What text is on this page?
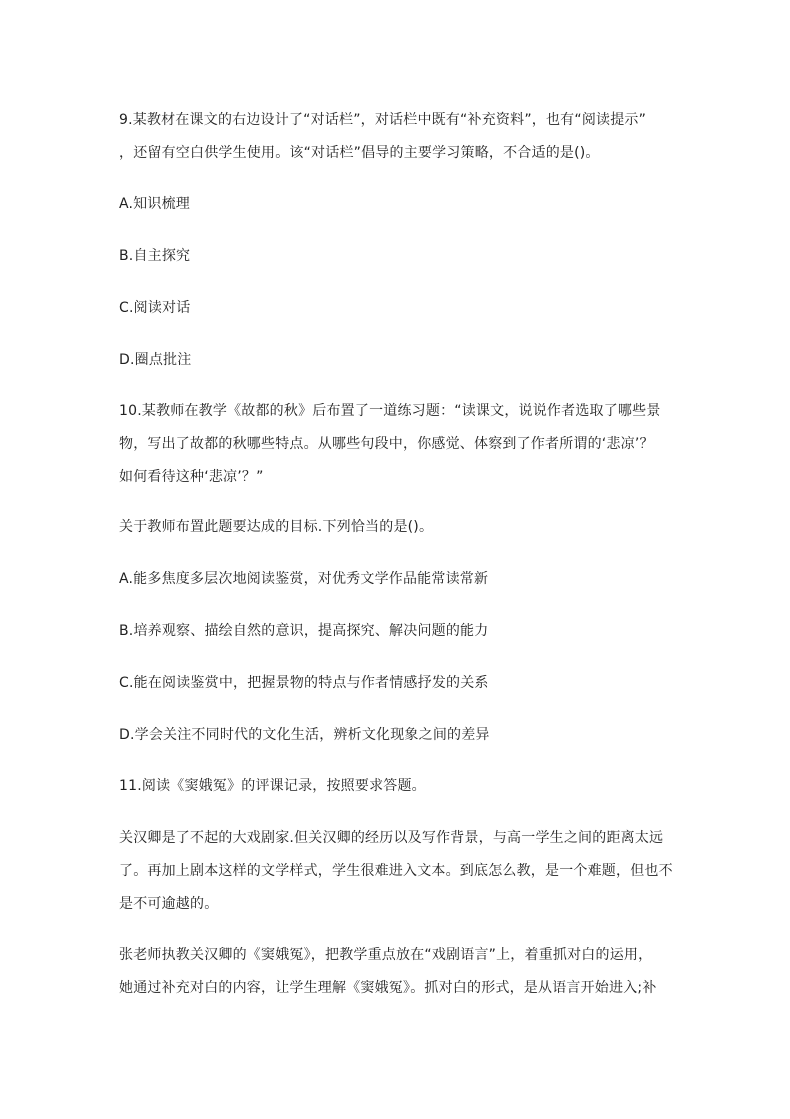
9.某教材在课文的右边设计了“对话栏”，对话栏中既有“补充资料”，也有“阅读提示”
，还留有空白供学生使用。该“对话栏”倡导的主要学习策略，不合适的是()。
A.知识梳理
B.自主探究
C.阅读对话
D.圈点批注
10.某教师在教学《故都的秋》后布置了一道练习题：“读课文，说说作者选取了哪些景
物，写出了故都的秋哪些特点。从哪些句段中，你感觉、体察到了作者所谓的‘悲凉’？
如何看待这种‘悲凉’？”
关于教师布置此题要达成的目标.下列恰当的是()。
A.能多焦度多层次地阅读鉴赏，对优秀文学作品能常读常新
B.培养观察、描绘自然的意识，提高探究、解决问题的能力
C.能在阅读鉴赏中，把握景物的特点与作者情感抒发的关系
D.学会关注不同时代的文化生活，辨析文化现象之间的差异
11.阅读《窦娥冤》的评课记录，按照要求答题。
关汉卿是了不起的大戏剧家.但关汉卿的经历以及写作背景，与高一学生之间的距离太远
了。再加上剧本这样的文学样式，学生很难进入文本。到底怎么教，是一个难题，但也不
是不可逾越的。
张老师执教关汉卿的《窦娥冤》，把教学重点放在“戏剧语言”上，着重抓对白的运用，
她通过补充对白的内容，让学生理解《窦娥冤》。抓对白的形式，是从语言开始进入;补
